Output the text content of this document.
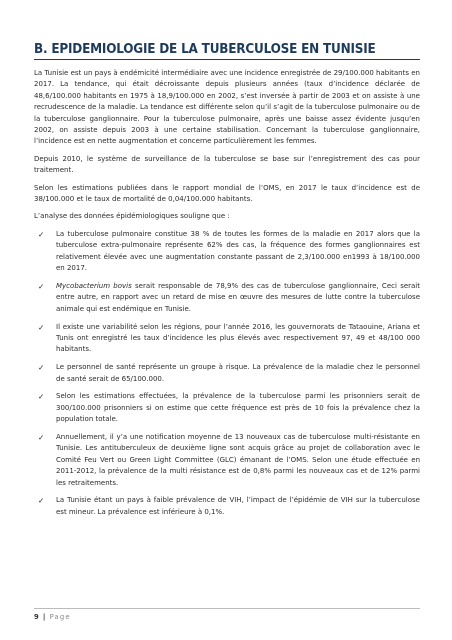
B. EPIDEMIOLOGIE DE LA TUBERCULOSE EN TUNISIE

La Tunisie est un pays à endémicité intermédiaire avec une incidence enregistrée de 29/100.000 habitants en 2017. La tendance, qui était décroissante depuis plusieurs années (taux d’incidence déclarée de 48,6/100.000 habitants en 1975 à 18,9/100.000 en 2002, s’est inversée à partir de 2003 et on assiste à une recrudescence de la maladie. La tendance est différente selon qu’il s’agit de la tuberculose pulmonaire ou de la tuberculose ganglionnaire. Pour la tuberculose pulmonaire, après une baisse assez évidente jusqu’en 2002, on assiste depuis 2003 à une certaine stabilisation. Concernant la tuberculose ganglionnaire, l’incidence est en nette augmentation et concerne particulièrement les femmes.

Depuis 2010, le système de surveillance de la tuberculose se base sur l’enregistrement des cas pour traitement.

Selon les estimations publiées dans le rapport mondial de l’OMS, en 2017 le taux d’incidence est de 38/100.000 et le taux de mortalité de 0,04/100.000 habitants.

L’analyse des données épidémiologiques souligne que :

✓ La tuberculose pulmonaire constitue 38 % de toutes les formes de la maladie en 2017 alors que la tuberculose extra-pulmonaire représente 62% des cas, la fréquence des formes ganglionnaires est relativement élevée avec une augmentation constante passant de 2,3/100.000 en1993 à 18/100.000 en 2017.
✓ Mycobacterium bovis serait responsable de 78,9% des cas de tuberculose ganglionnaire, Ceci serait entre autre, en rapport avec un retard de mise en œuvre des mesures de lutte contre la tuberculose animale qui est endémique en Tunisie.
✓ Il existe une variabilité selon les régions, pour l’année 2016, les gouvernorats de Tataouine, Ariana et Tunis ont enregistré les taux d’incidence les plus élevés avec respectivement 97, 49 et 48/100 000 habitants.
✓ Le personnel de santé représente un groupe à risque. La prévalence de la maladie chez le personnel de santé serait de 65/100.000.
✓ Selon les estimations effectuées, la prévalence de la tuberculose parmi les prisonniers serait de 300/100.000 prisonniers si on estime que cette fréquence est près de 10 fois la prévalence chez la population totale.
✓ Annuellement, il y’a une notification moyenne de 13 nouveaux cas de tuberculose multi-résistante en Tunisie. Les antituberculeux de deuxième ligne sont acquis grâce au projet de collaboration avec le Comité Feu Vert ou Green Light Committee (GLC) émanant de l’OMS. Selon une étude effectuée en 2011-2012, la prévalence de la multi résistance est de 0,8% parmi les nouveaux cas et de 12% parmi les retraitements.
✓ La Tunisie étant un pays à faible prévalence de VIH, l’impact de l’épidémie de VIH sur la tuberculose est mineur. La prévalence est inférieure à 0,1%.
9 | Page
